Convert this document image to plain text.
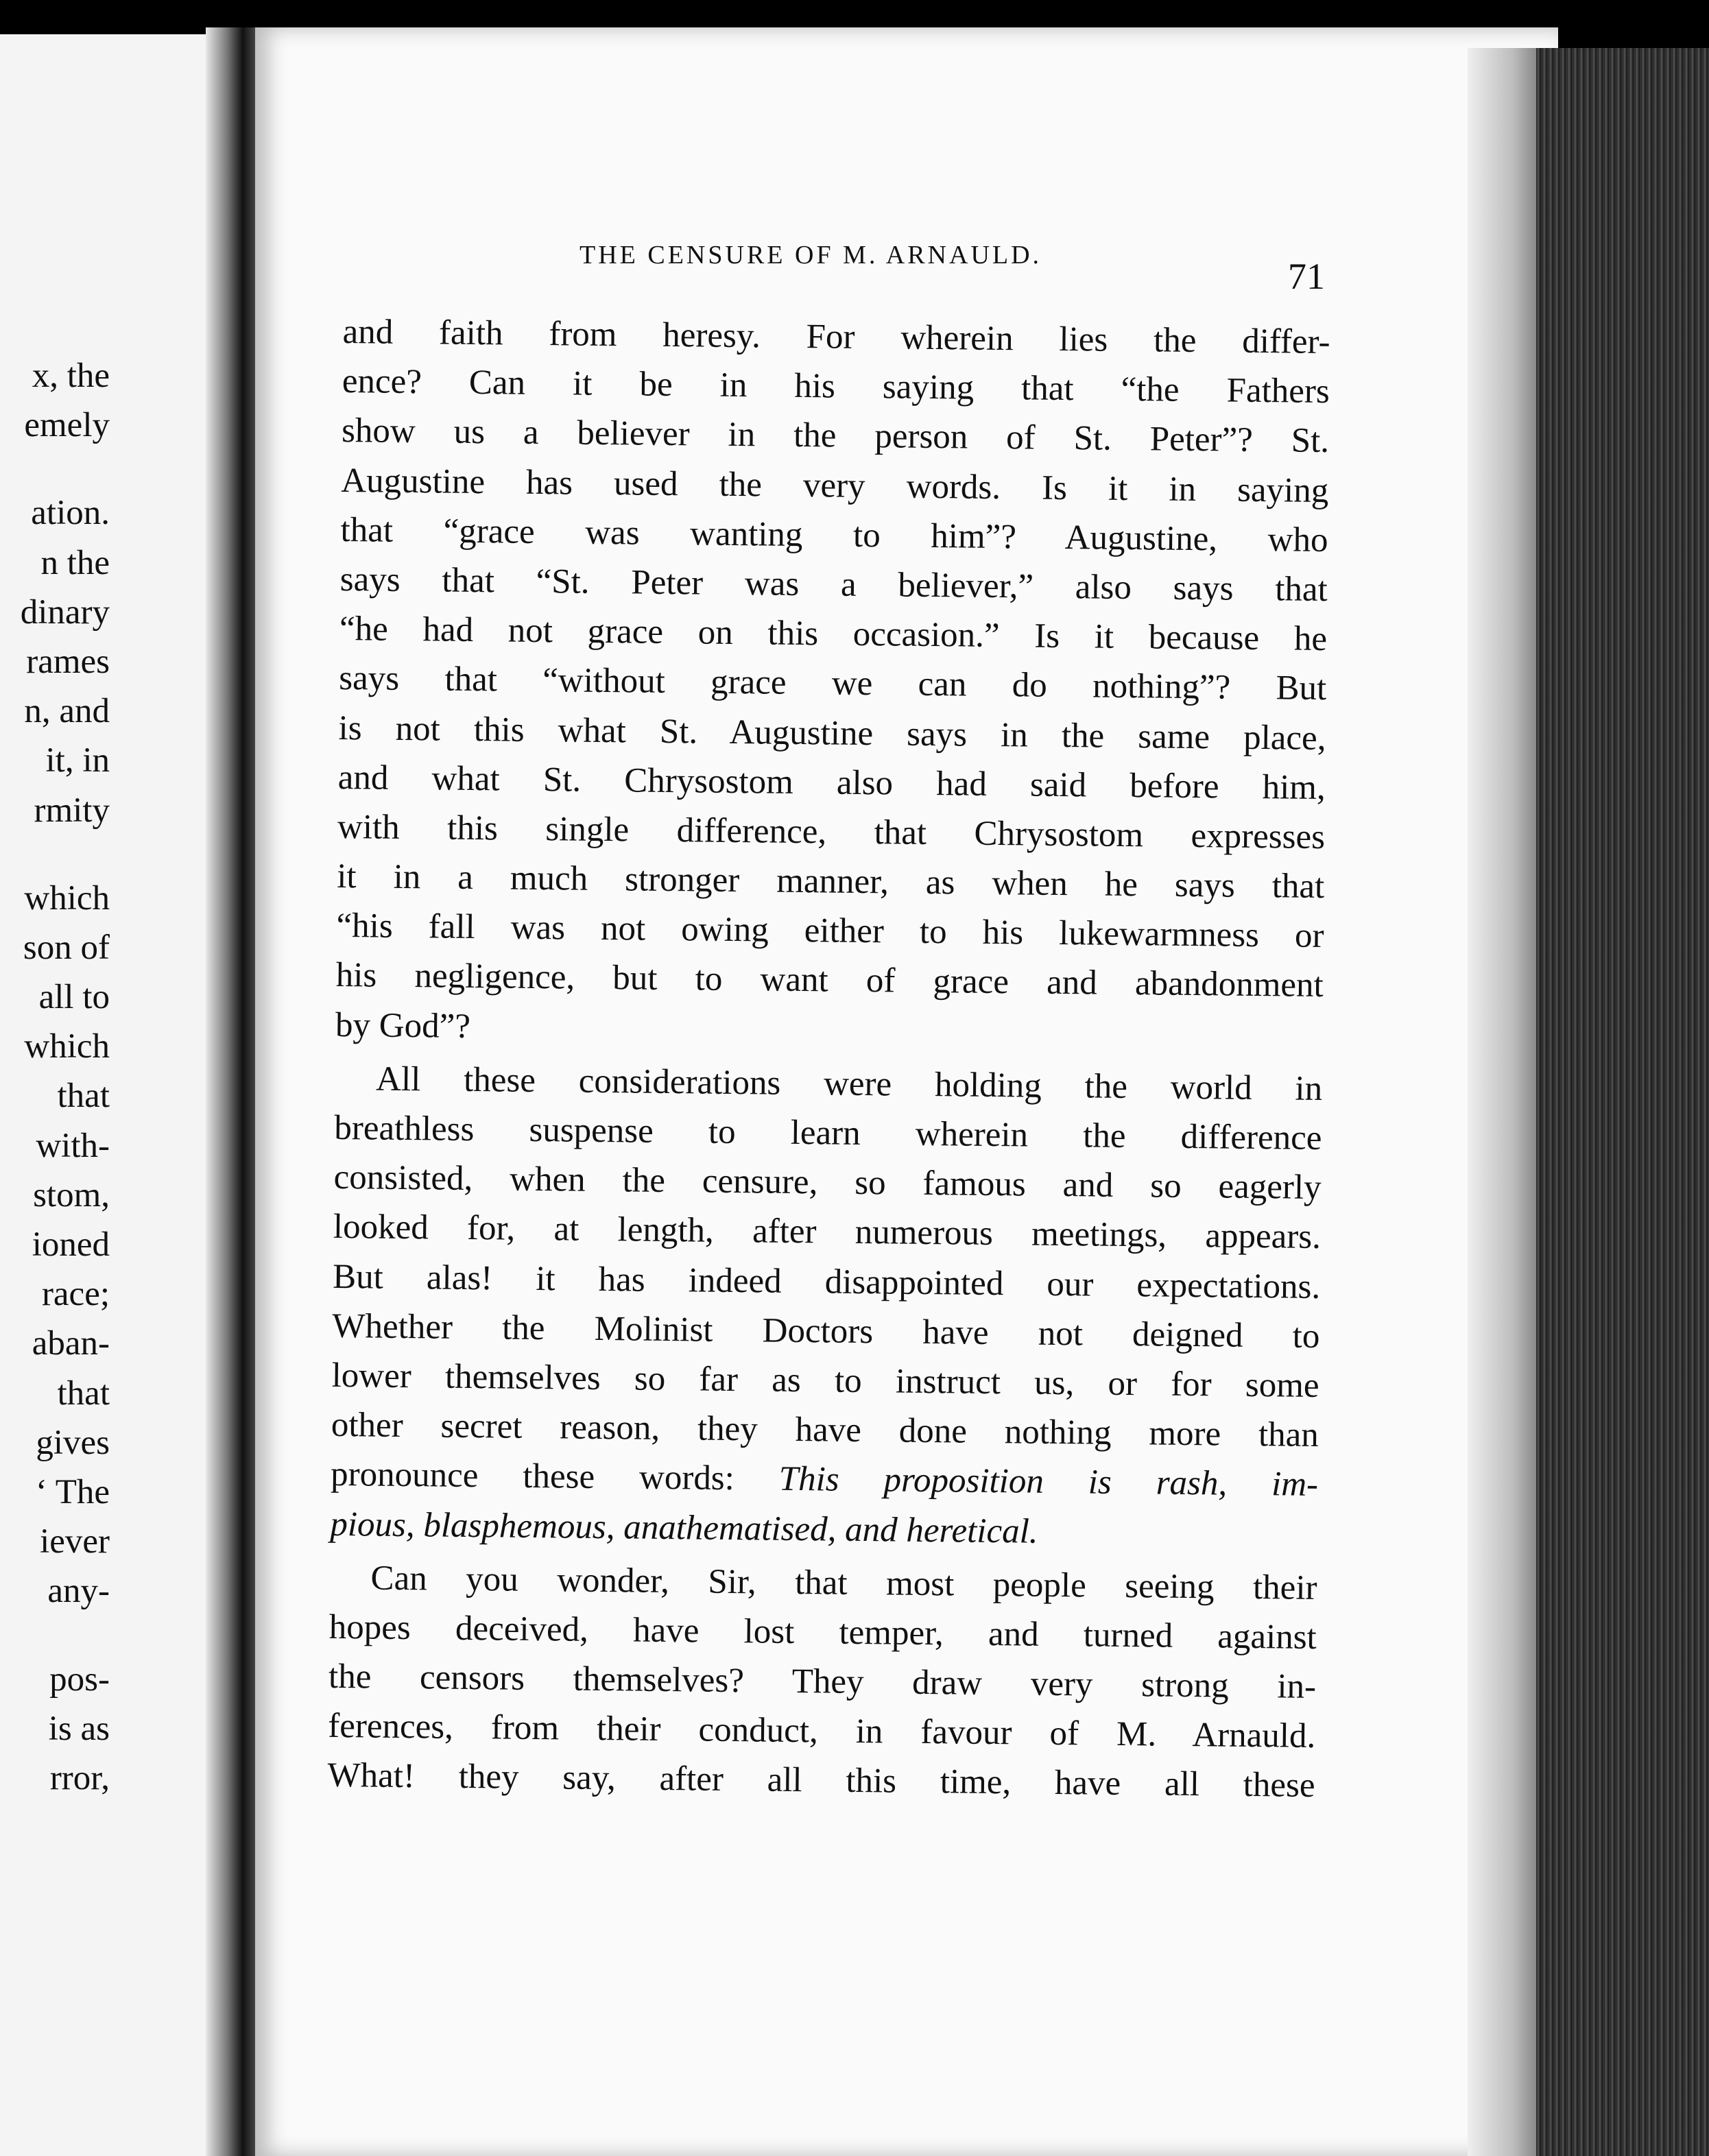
x, the
emely
ation.
n the
dinary
rames
n, and
it, in
rmity
which
son of
all to
which
that
with-
stom,
ioned
race;
aban-
that
gives
‘ The
iever
any-
pos-
is as
rror,
THE CENSURE OF M. ARNAULD.
71
and faith from heresy. For wherein lies the differ-
ence? Can it be in his saying that “the Fathers
show us a believer in the person of St. Peter”? St.
Augustine has used the very words. Is it in saying
that “grace was wanting to him”? Augustine, who
says that “St. Peter was a believer,” also says that
“he had not grace on this occasion.” Is it because he
says that “without grace we can do nothing”? But
is not this what St. Augustine says in the same place,
and what St. Chrysostom also had said before him,
with this single difference, that Chrysostom expresses
it in a much stronger manner, as when he says that
“his fall was not owing either to his lukewarmness or
his negligence, but to want of grace and abandonment
by God”?
All these considerations were holding the world in
breathless suspense to learn wherein the difference
consisted, when the censure, so famous and so eagerly
looked for, at length, after numerous meetings, appears.
But alas! it has indeed disappointed our expectations.
Whether the Molinist Doctors have not deigned to
lower themselves so far as to instruct us, or for some
other secret reason, they have done nothing more than
pronounce these words: This proposition is rash, im-
pious, blasphemous, anathematised, and heretical.
Can you wonder, Sir, that most people seeing their
hopes deceived, have lost temper, and turned against
the censors themselves? They draw very strong in-
ferences, from their conduct, in favour of M. Arnauld.
What! they say, after all this time, have all these
